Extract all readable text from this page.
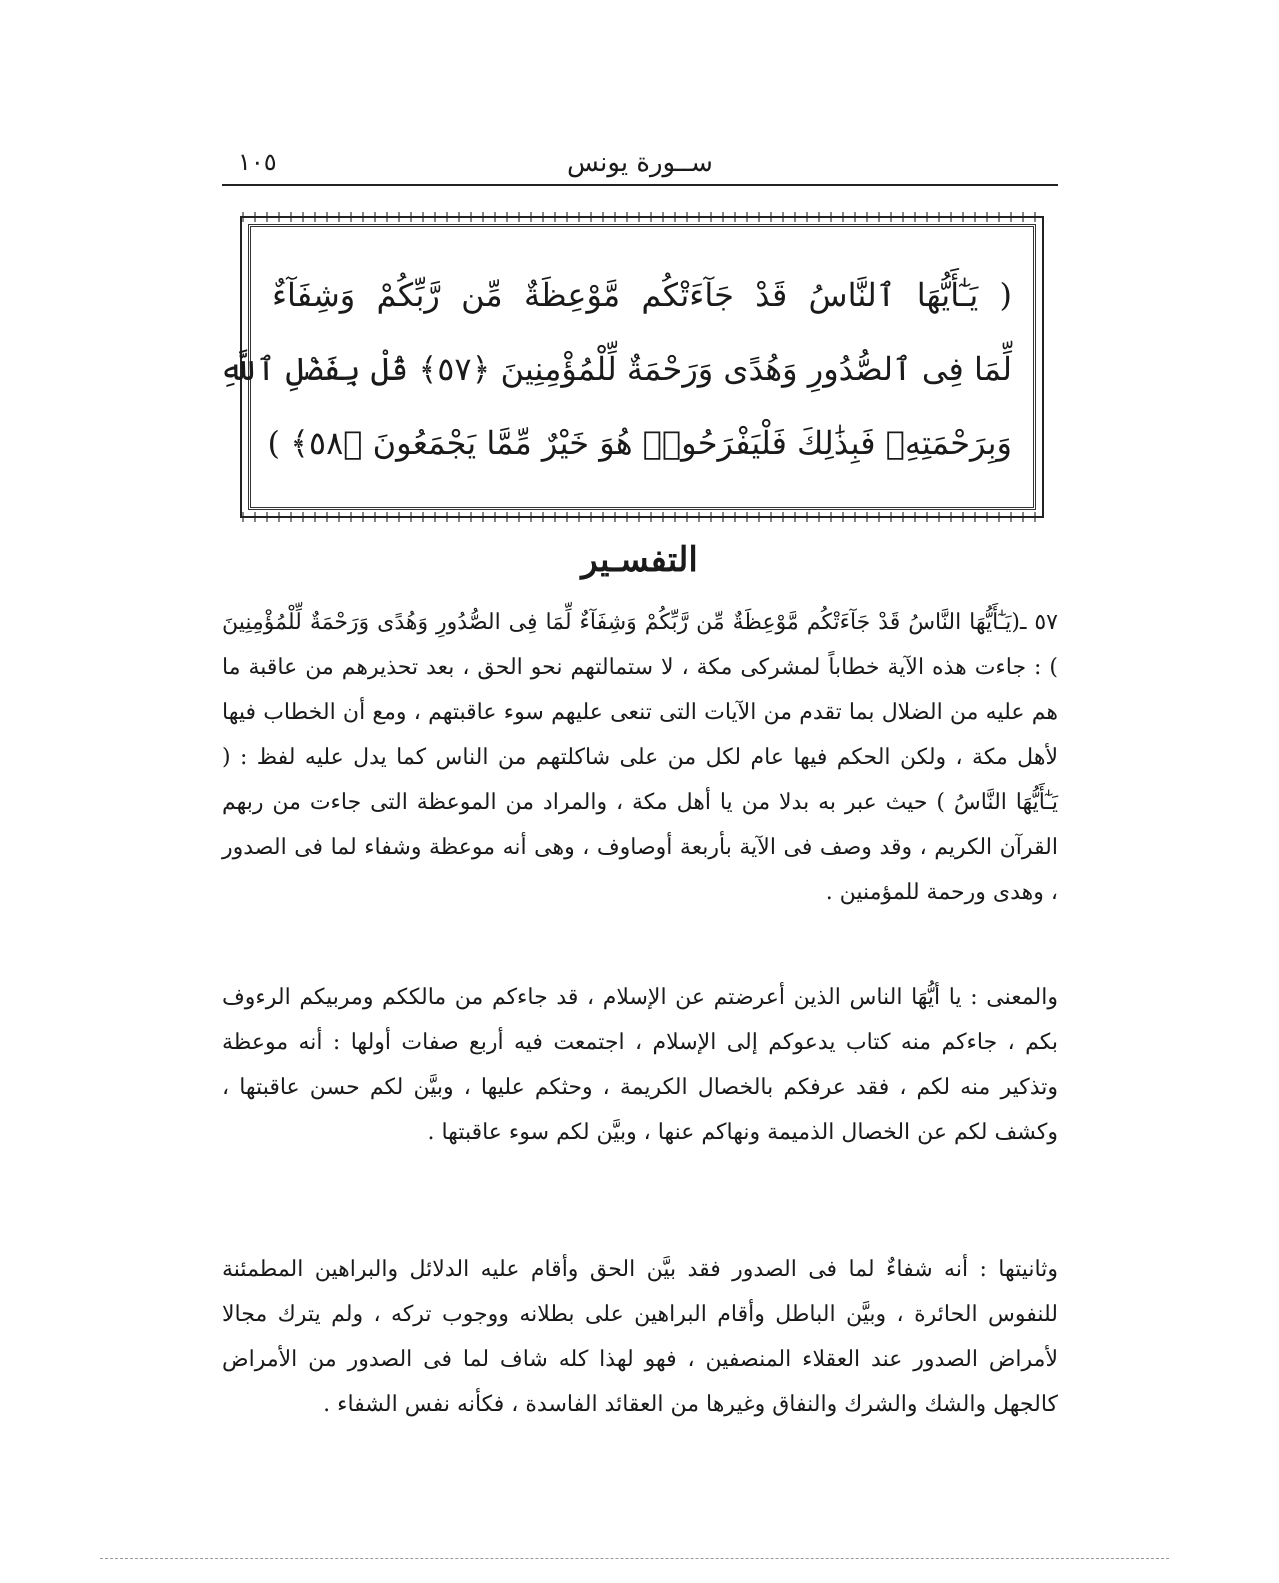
ســورة يونس
١٠٥
( يَـٰٓأَيُّهَا ٱلنَّاسُ قَدْ جَآءَتْكُم مَّوْعِظَةٌ مِّن رَّبِّكُمْ وَشِفَآءٌ
لِّمَا فِى ٱلصُّدُورِ وَهُدًى وَرَحْمَةٌ لِّلْمُؤْمِنِينَ ﴿٥٧﴾ قُلْ بِفَضْلِ ٱللَّهِ
وَبِرَحْمَتِهِۦ فَبِذَٰلِكَ فَلْيَفْرَحُوا۟ هُوَ خَيْرٌ مِّمَّا يَجْمَعُونَ ﴿٥٨﴾ )
التفسـير
٥٧ ـ(يَـٰٓأَيُّهَا النَّاسُ قَدْ جَآءَتْكُم مَّوْعِظَةٌ مِّن رَّبِّكُمْ وَشِفَآءٌ لِّمَا فِى الصُّدُورِ وَهُدًى وَرَحْمَةٌ لِّلْمُؤْمِنِينَ ) : جاءت هذه الآية خطاباً لمشركى مكة ، لا ستمالتهم نحو الحق ، بعد تحذيرهم من عاقبة ما هم عليه من الضلال بما تقدم من الآيات التى تنعى عليهم سوء عاقبتهم ، ومع أن الخطاب فيها لأهل مكة ، ولكن الحكم فيها عام لكل من على شاكلتهم من الناس كما يدل عليه لفظ : ( يَـٰٓأَيُّهَا النَّاسُ ) حيث عبر به بدلا من يا أهل مكة ، والمراد من الموعظة التى جاءت من ربهم القرآن الكريم ، وقد وصف فى الآية بأربعة أوصاوف ، وهى أنه موعظة وشفاء لما فى الصدور ، وهدى ورحمة للمؤمنين .
والمعنى : يا أيُّهَا الناس الذين أعرضتم عن الإسلام ، قد جاءكم من مالككم ومربيكم الرءوف بكم ، جاءكم منه كتاب يدعوكم إلى الإسلام ، اجتمعت فيه أربع صفات أولها : أنه موعظة وتذكير منه لكم ، فقد عرفكم بالخصال الكريمة ، وحثكم عليها ، وبيَّن لكم حسن عاقبتها ، وكشف لكم عن الخصال الذميمة ونهاكم عنها ، وبيَّن لكم سوء عاقبتها .
وثانيتها : أنه شفاءٌ لما فى الصدور فقد بيَّن الحق وأقام عليه الدلائل والبراهين المطمئنة للنفوس الحائرة ، وبيَّن الباطل وأقام البراهين على بطلانه ووجوب تركه ، ولم يترك مجالا لأمراض الصدور عند العقلاء المنصفين ، فهو لهذا كله شاف لما فى الصدور من الأمراض كالجهل والشك والشرك والنفاق وغيرها من العقائد الفاسدة ، فكأنه نفس الشفاء .
